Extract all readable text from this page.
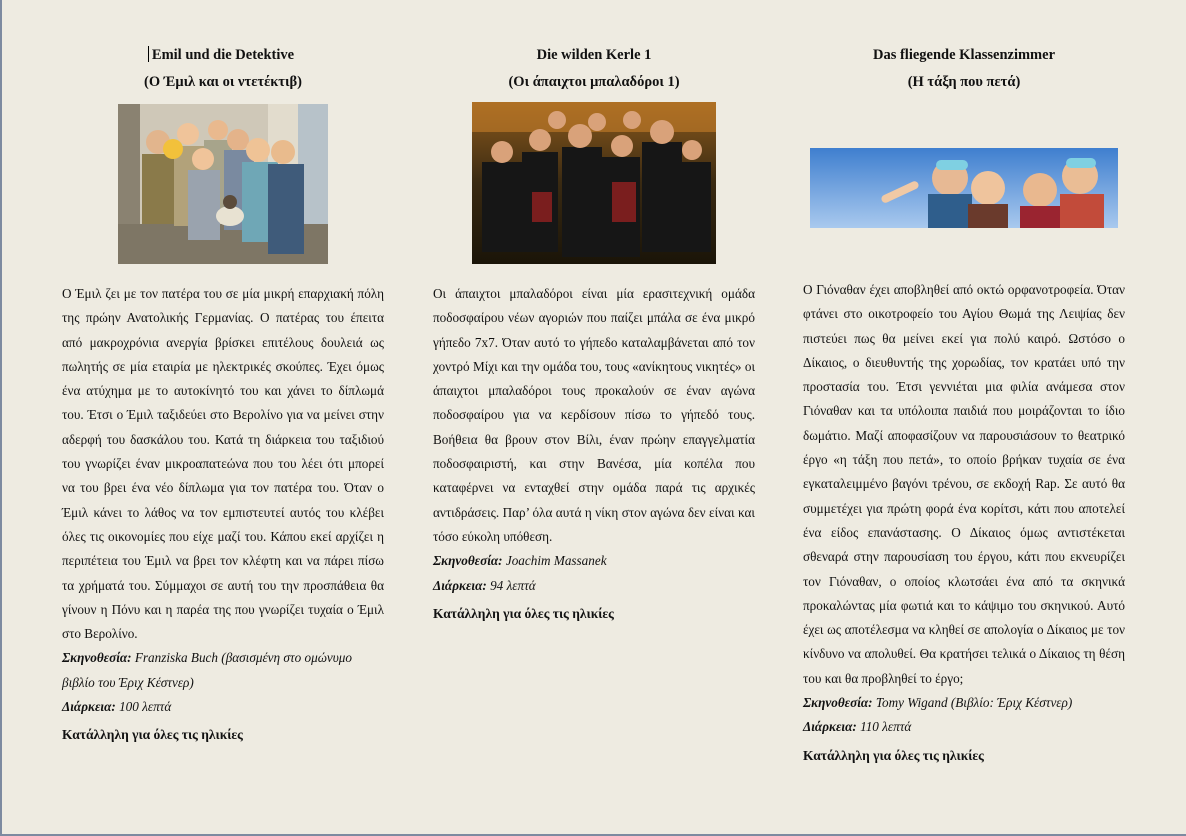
Emil und die Detektive
(Ο Έμιλ και οι ντετέκτιβ)

Ο Έμιλ ζει με τον πατέρα του σε μία μικρή επαρχιακή πόλη της πρώην Ανατολικής Γερμανίας. Ο πατέρας του έπειτα από μακροχρόνια ανεργία βρίσκει επιτέλους δουλειά ως πωλητής σε μία εταιρία με ηλεκτρικές σκούπες. Έχει όμως ένα ατύχημα με το αυτοκίνητό του και χάνει το δίπλωμά του. Έτσι ο Έμιλ ταξιδεύει στο Βερολίνο για να μείνει στην αδερφή του δασκάλου του. Κατά τη διάρκεια του ταξιδιού του γνωρίζει έναν μικροαπατεώνα που του λέει ότι μπορεί να του βρει ένα νέο δίπλωμα για τον πατέρα του. Όταν ο Έμιλ κάνει το λάθος να τον εμπιστευτεί αυτός του κλέβει όλες τις οικονομίες που είχε μαζί του. Κάπου εκεί αρχίζει η περιπέτεια του Έμιλ να βρει τον κλέφτη και να πάρει πίσω τα χρήματά του. Σύμμαχοι σε αυτή του την προσπάθεια θα γίνουν η Πόνυ και η παρέα της που γνωρίζει τυχαία ο Έμιλ στο Βερολίνο.

Σκηνοθεσία: Franziska Buch (βασισμένη στο ομώνυμο βιβλίο του Έριχ Κέστνερ)

Διάρκεια: 100 λεπτά

Κατάλληλη για όλες τις ηλικίες

Die wilden Kerle 1
(Οι άπαιχτοι μπαλαδόροι 1)

Οι άπαιχτοι μπαλαδόροι είναι μία ερασιτεχνική ομάδα ποδοσφαίρου νέων αγοριών που παίζει μπάλα σε ένα μικρό γήπεδο 7x7. Όταν αυτό το γήπεδο καταλαμβάνεται από τον χοντρό Μίχι και την ομάδα του, τους «ανίκητους νικητές» οι άπαιχτοι μπαλαδόροι τους προκαλούν σε έναν αγώνα ποδοσφαίρου για να κερδίσουν πίσω το γήπεδό τους. Βοήθεια θα βρουν στον Βίλι, έναν πρώην επαγγελματία ποδοσφαιριστή, και στην Βανέσα, μία κοπέλα που καταφέρνει να ενταχθεί στην ομάδα παρά τις αρχικές αντιδράσεις. Παρ’ όλα αυτά η νίκη στον αγώνα δεν είναι και τόσο εύκολη υπόθεση.

Σκηνοθεσία: Joachim Massanek

Διάρκεια: 94 λεπτά

Κατάλληλη για όλες τις ηλικίες

Das fliegende Klassenzimmer
(Η τάξη που πετά)

Ο Γιόναθαν έχει αποβληθεί από οκτώ ορφανοτροφεία. Όταν φτάνει στο οικοτροφείο του Αγίου Θωμά της Λειψίας δεν πιστεύει πως θα μείνει εκεί για πολύ καιρό. Ωστόσο ο Δίκαιος, ο διευθυντής της χορωδίας, τον κρατάει υπό την προστασία του. Έτσι γεννιέται μια φιλία ανάμεσα στον Γιόναθαν και τα υπόλοιπα παιδιά που μοιράζονται το ίδιο δωμάτιο. Μαζί αποφασίζουν να παρουσιάσουν το θεατρικό έργο «η τάξη που πετά», το οποίο βρήκαν τυχαία σε ένα εγκαταλειμμένο βαγόνι τρένου, σε εκδοχή Rap. Σε αυτό θα συμμετέχει για πρώτη φορά ένα κορίτσι, κάτι που αποτελεί ένα είδος επανάστασης. Ο Δίκαιος όμως αντιστέκεται σθεναρά στην παρουσίαση του έργου, κάτι που εκνευρίζει τον Γιόναθαν, ο οποίος κλωτσάει ένα από τα σκηνικά προκαλώντας μία φωτιά και το κάψιμο του σκηνικού. Αυτό έχει ως αποτέλεσμα να κληθεί σε απολογία ο Δίκαιος με τον κίνδυνο να απολυθεί. Θα κρατήσει τελικά ο Δίκαιος τη θέση του και θα προβληθεί το έργο;

Σκηνοθεσία: Tomy Wigand (Βιβλίο: Έριχ Κέστνερ)

Διάρκεια: 110 λεπτά

Κατάλληλη για όλες τις ηλικίες
